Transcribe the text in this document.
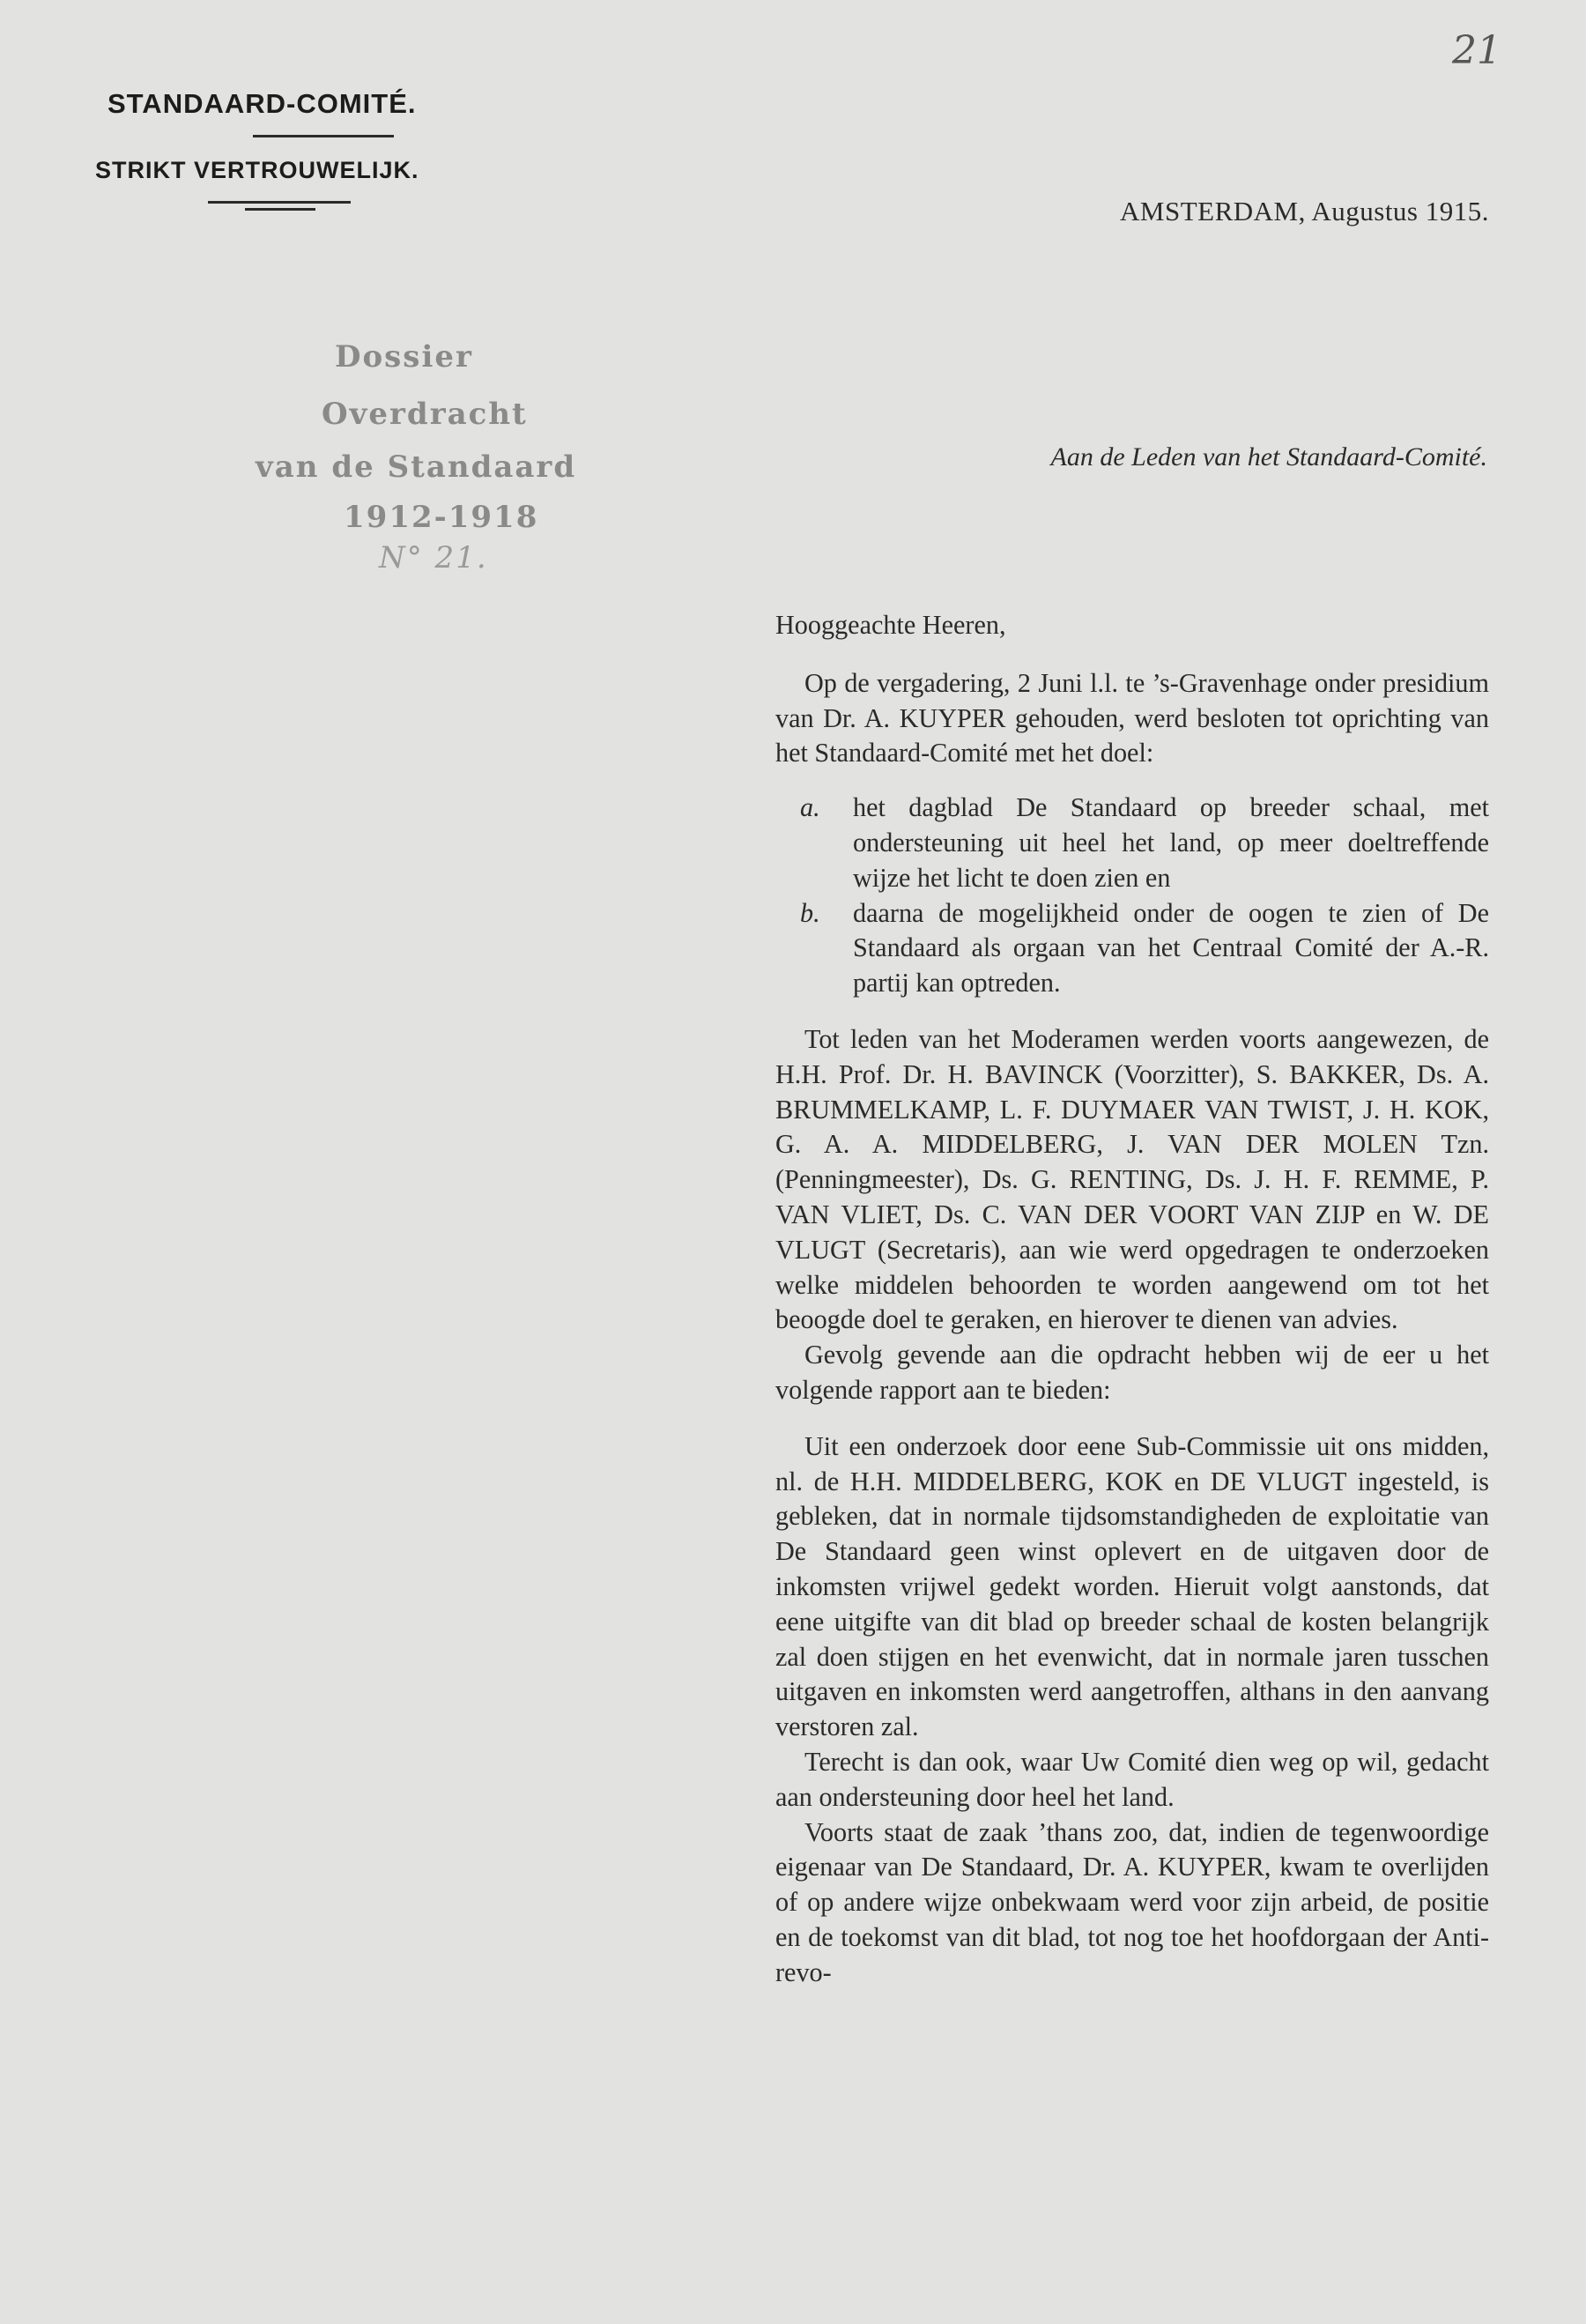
STANDAARD-COMITÉ.
STRIKT VERTROUWELIJK.
21
AMSTERDAM, Augustus 1915.
Dossier
Overdracht
van de Standaard
1912-1918
N° 21.
Aan de Leden van het Standaard-Comité.

Hooggeachte Heeren,

Op de vergadering, 2 Juni l.l. te ’s-Gravenhage onder presidium van Dr. A. KUYPER gehouden, werd besloten tot oprichting van het Standaard-Comité met het doel:

a.	het dagblad De Standaard op breeder schaal, met ondersteuning uit heel het land, op meer doeltreffende wijze het licht te doen zien en
b.	daarna de mogelijkheid onder de oogen te zien of De Standaard als orgaan van het Centraal Comité der A.-R. partij kan optreden.

Tot leden van het Moderamen werden voorts aangewezen, de H.H. Prof. Dr. H. BAVINCK (Voorzitter), S. BAKKER, Ds. A. BRUMMELKAMP, L. F. DUYMAER VAN TWIST, J. H. KOK, G. A. A. MIDDELBERG, J. VAN DER MOLEN Tzn. (Penningmeester), Ds. G. RENTING, Ds. J. H. F. REMME, P. VAN VLIET, Ds. C. VAN DER VOORT VAN ZIJP en W. DE VLUGT (Secretaris), aan wie werd opgedragen te onderzoeken welke middelen behoorden te worden aangewend om tot het beoogde doel te geraken, en hierover te dienen van advies.

Gevolg gevende aan die opdracht hebben wij de eer u het volgende rapport aan te bieden:

Uit een onderzoek door eene Sub-Commissie uit ons midden, nl. de H.H. MIDDELBERG, KOK en DE VLUGT ingesteld, is gebleken, dat in normale tijdsomstandigheden de exploitatie van De Standaard geen winst oplevert en de uitgaven door de inkomsten vrijwel gedekt worden. Hieruit volgt aanstonds, dat eene uitgifte van dit blad op breeder schaal de kosten belangrijk zal doen stijgen en het evenwicht, dat in normale jaren tusschen uitgaven en inkomsten werd aangetroffen, althans in den aanvang verstoren zal.

Terecht is dan ook, waar Uw Comité dien weg op wil, gedacht aan ondersteuning door heel het land.

Voorts staat de zaak ’thans zoo, dat, indien de tegenwoordige eigenaar van De Standaard, Dr. A. KUYPER, kwam te overlijden of op andere wijze onbekwaam werd voor zijn arbeid, de positie en de toekomst van dit blad, tot nog toe het hoofdorgaan der Anti-revo-
